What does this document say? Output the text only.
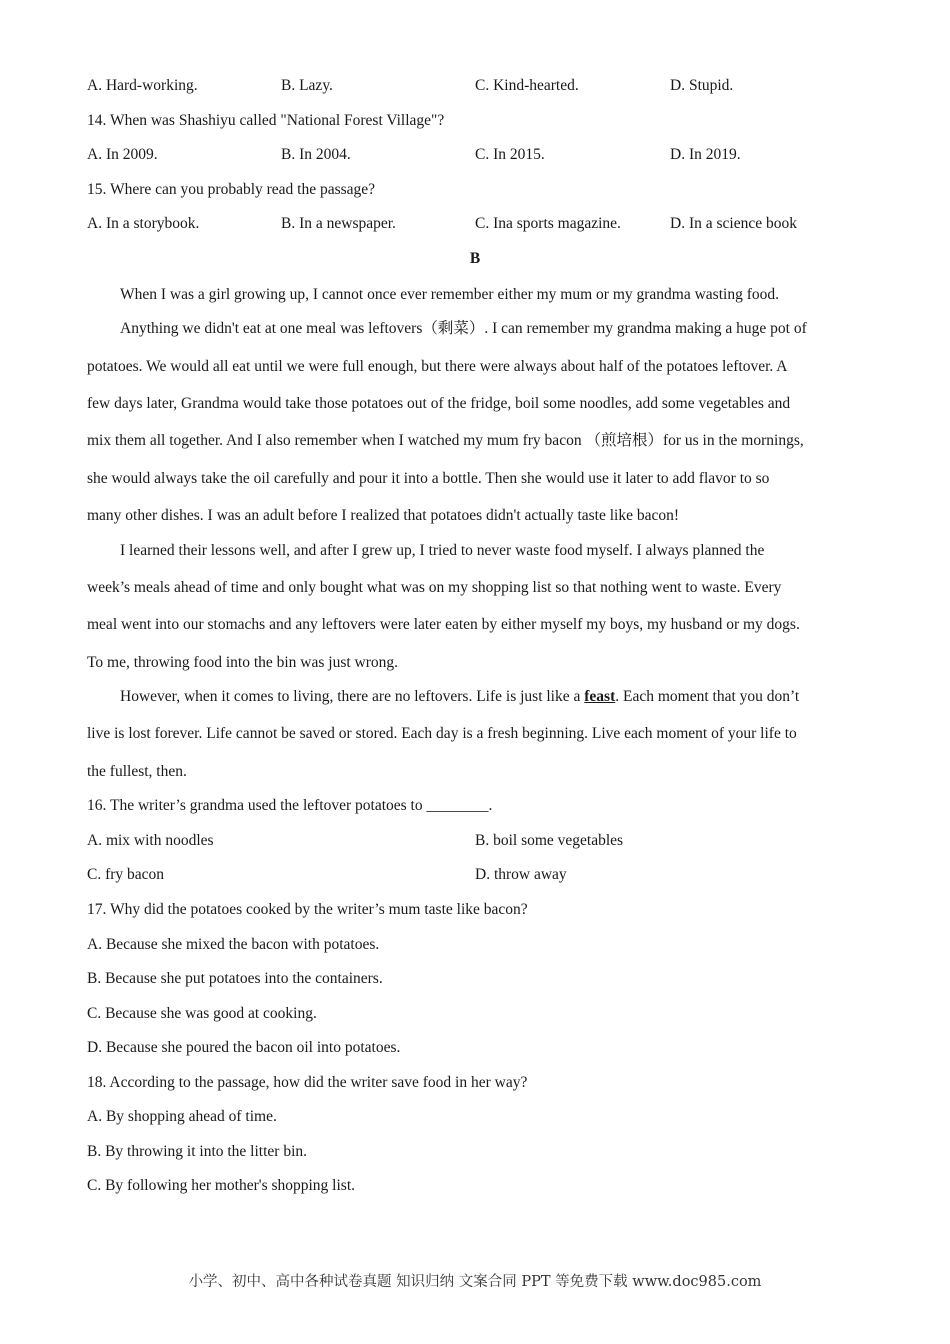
A. Hard-working.	B. Lazy.	C. Kind-hearted.	D. Stupid.
14. When was Shashiyu called "National Forest Village"?
A. In 2009.	B. In 2004.	C. In 2015.	D. In 2019.
15. Where can you probably read the passage?
A. In a storybook.	B. In a newspaper.	C. Ina sports magazine.	D. In a science book
B
When I was a girl growing up, I cannot once ever remember either my mum or my grandma wasting food.
Anything we didn't eat at one meal was leftovers（剩菜）. I can remember my grandma making a huge pot of
potatoes. We would all eat until we were full enough, but there were always about half of the potatoes leftover. A
few days later, Grandma would take those potatoes out of the fridge, boil some noodles, add some vegetables and
mix them all together. And I also remember when I watched my mum fry bacon （煎培根）for us in the mornings,
she would always take the oil carefully and pour it into a bottle. Then she would use it later to add flavor to so
many other dishes. I was an adult before I realized that potatoes didn't actually taste like bacon!
I learned their lessons well, and after I grew up, I tried to never waste food myself. I always planned the
week’s meals ahead of time and only bought what was on my shopping list so that nothing went to waste. Every
meal went into our stomachs and any leftovers were later eaten by either myself my boys, my husband or my dogs.
To me, throwing food into the bin was just wrong.
However, when it comes to living, there are no leftovers. Life is just like a feast. Each moment that you don’t
live is lost forever. Life cannot be saved or stored. Each day is a fresh beginning. Live each moment of your life to
the fullest, then.
16. The writer’s grandma used the leftover potatoes to ________.
A. mix with noodles	B. boil some vegetables
C. fry bacon	D. throw away
17. Why did the potatoes cooked by the writer’s mum taste like bacon?
A. Because she mixed the bacon with potatoes.
B. Because she put potatoes into the containers.
C. Because she was good at cooking.
D. Because she poured the bacon oil into potatoes.
18. According to the passage, how did the writer save food in her way?
A. By shopping ahead of time.
B. By throwing it into the litter bin.
C. By following her mother's shopping list.
小学、初中、高中各种试卷真题 知识归纳 文案合同 PPT 等免费下载 www.doc985.com
